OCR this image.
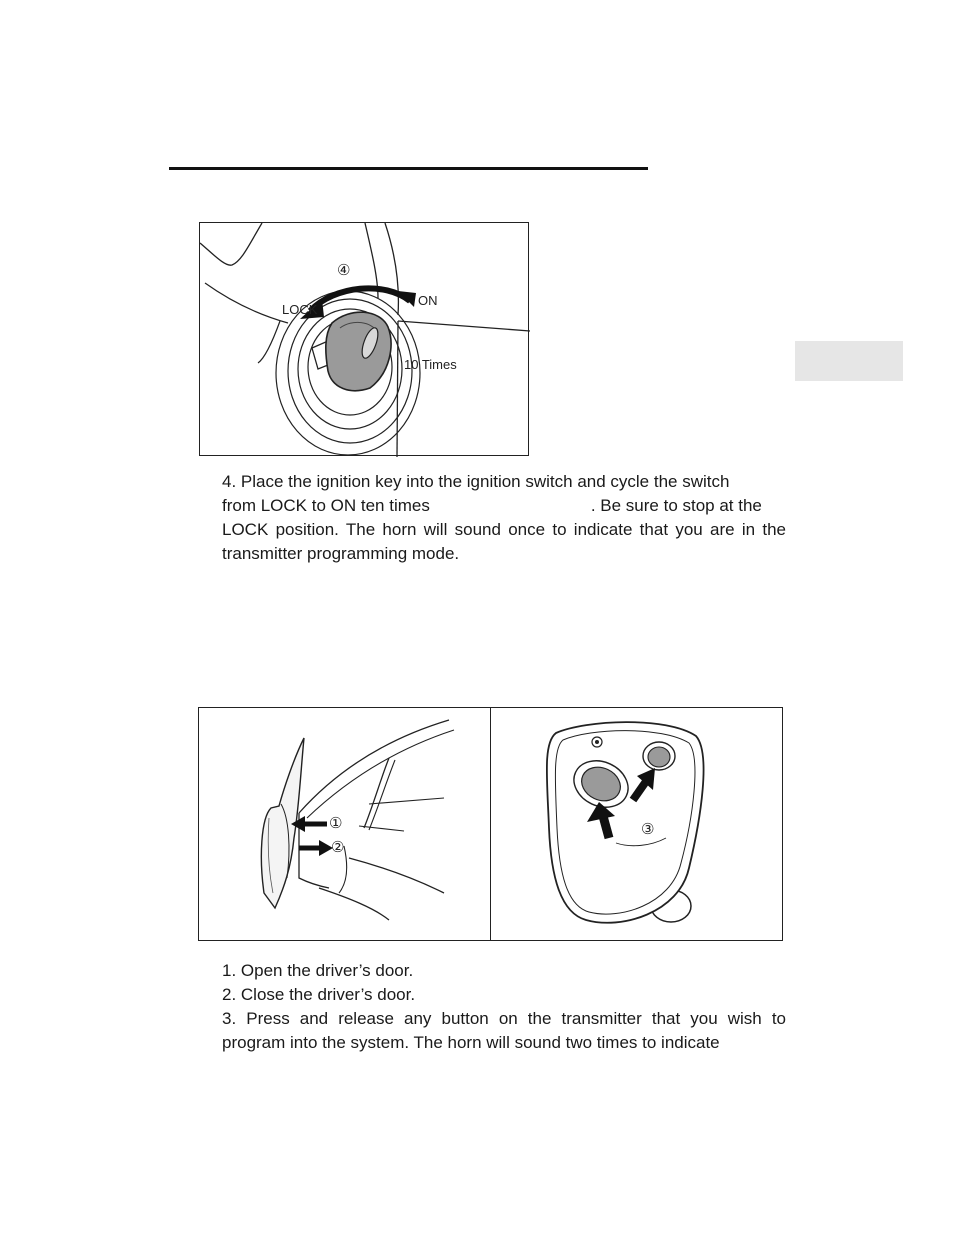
④
LOCK
ON
10 Times

4. Place the ignition key into the ignition switch and cycle the switch
from LOCK to ON ten times	. Be sure to stop at the
LOCK position. The horn will sound once to indicate that you are in the transmitter programming mode.

①
②
③

1. Open the driver’s door.

2. Close the driver’s door.

3. Press and release any button on the transmitter that you wish to program into the system. The horn will sound two times to indicate
